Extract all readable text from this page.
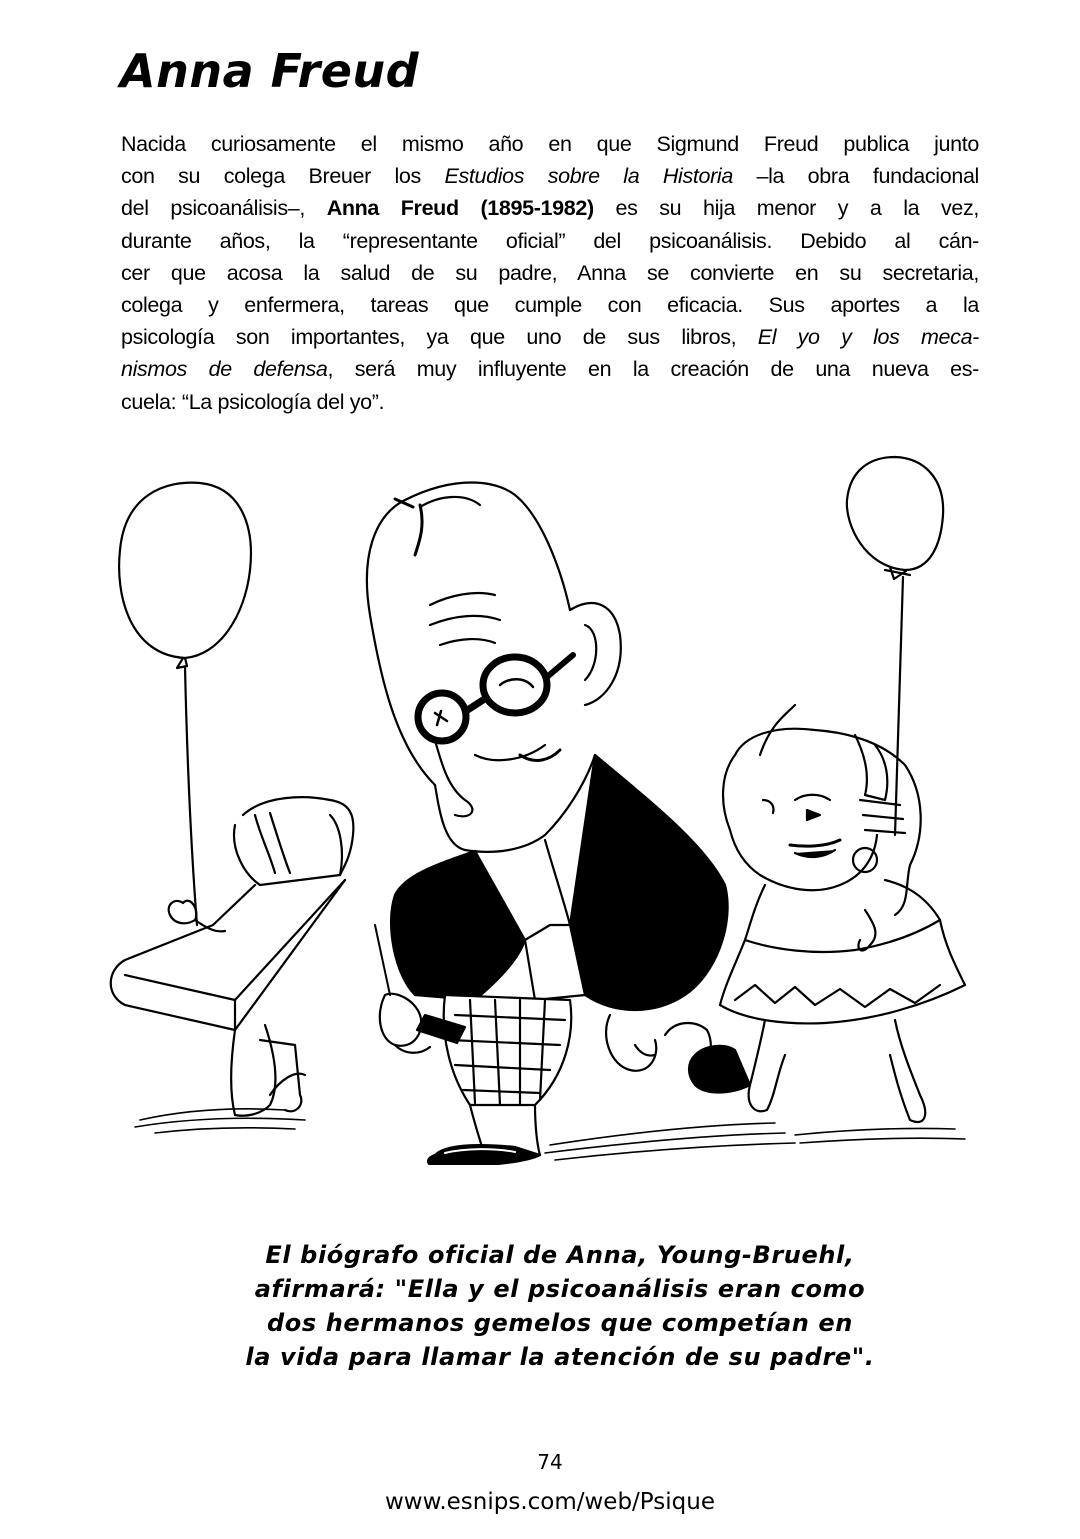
Anna Freud

Nacida curiosamente el mismo año en que Sigmund Freud publica junto
con su colega Breuer los Estudios sobre la Historia –la obra fundacional
del psicoanálisis–, Anna Freud (1895-1982) es su hija menor y a la vez,
durante años, la “representante oficial” del psicoanálisis. Debido al cán-
cer que acosa la salud de su padre, Anna se convierte en su secretaria,
colega y enfermera, tareas que cumple con eficacia. Sus aportes a la
psicología son importantes, ya que uno de sus libros, El yo y los meca-
nismos de defensa, será muy influyente en la creación de una nueva es-
cuela: “La psicología del yo”.

El biógrafo oficial de Anna, Young-Bruehl,
afirmará: "Ella y el psicoanálisis eran como
dos hermanos gemelos que competían en
la vida para llamar la atención de su padre".

74
www.esnips.com/web/Psique
